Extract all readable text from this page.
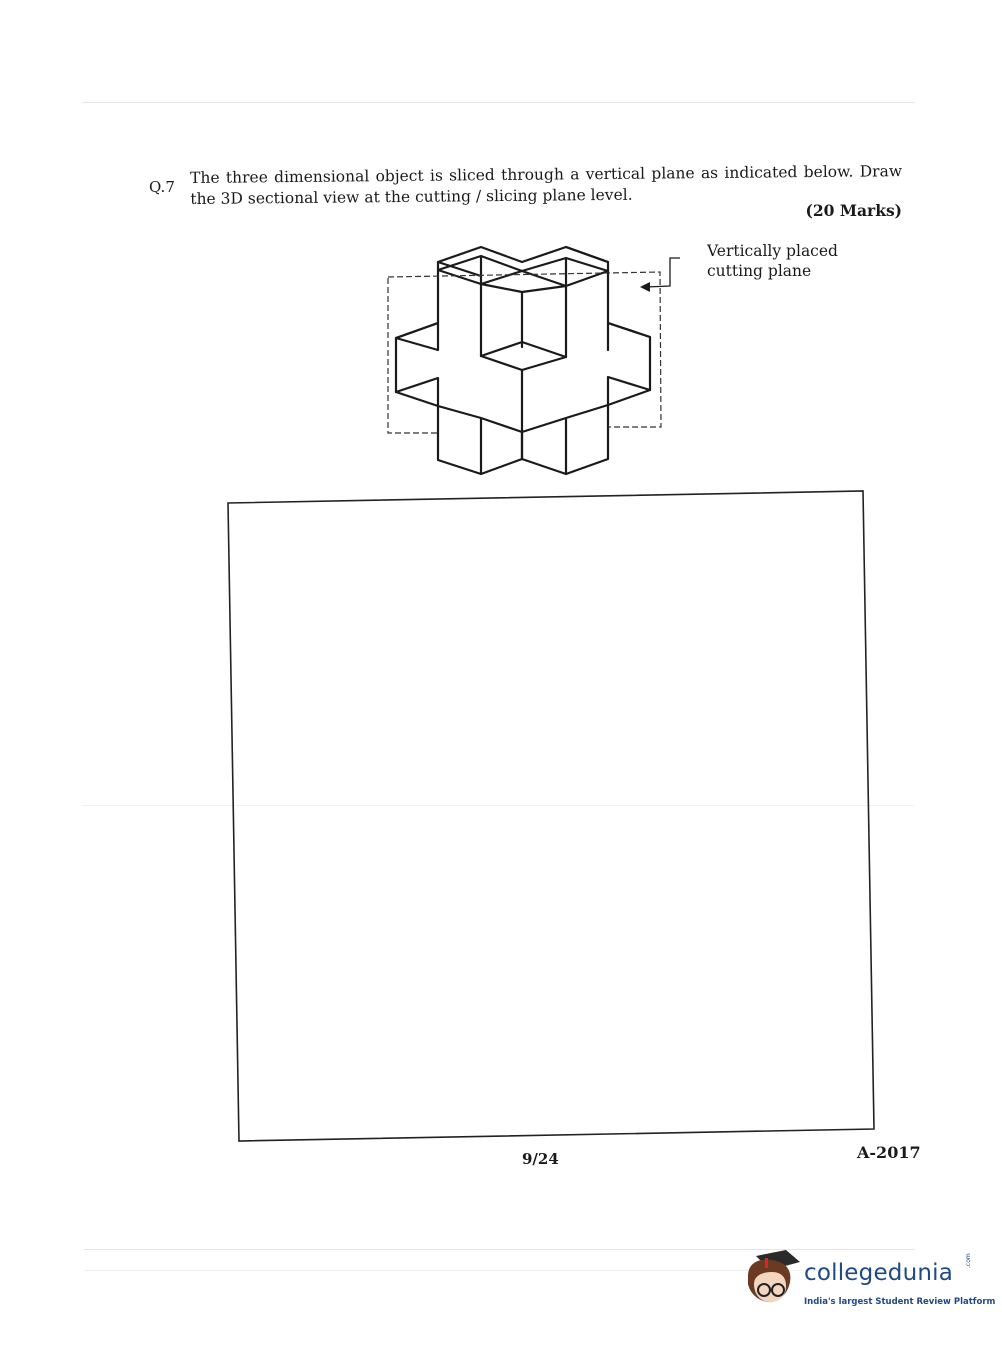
Q.7
The three dimensional object is sliced through a vertical plane as indicated below. Draw the 3D sectional view at the cutting / slicing plane level.
(20 Marks)
Vertically placed
cutting plane
9/24	A-2017
collegedunia .com
India's largest Student Review Platform
